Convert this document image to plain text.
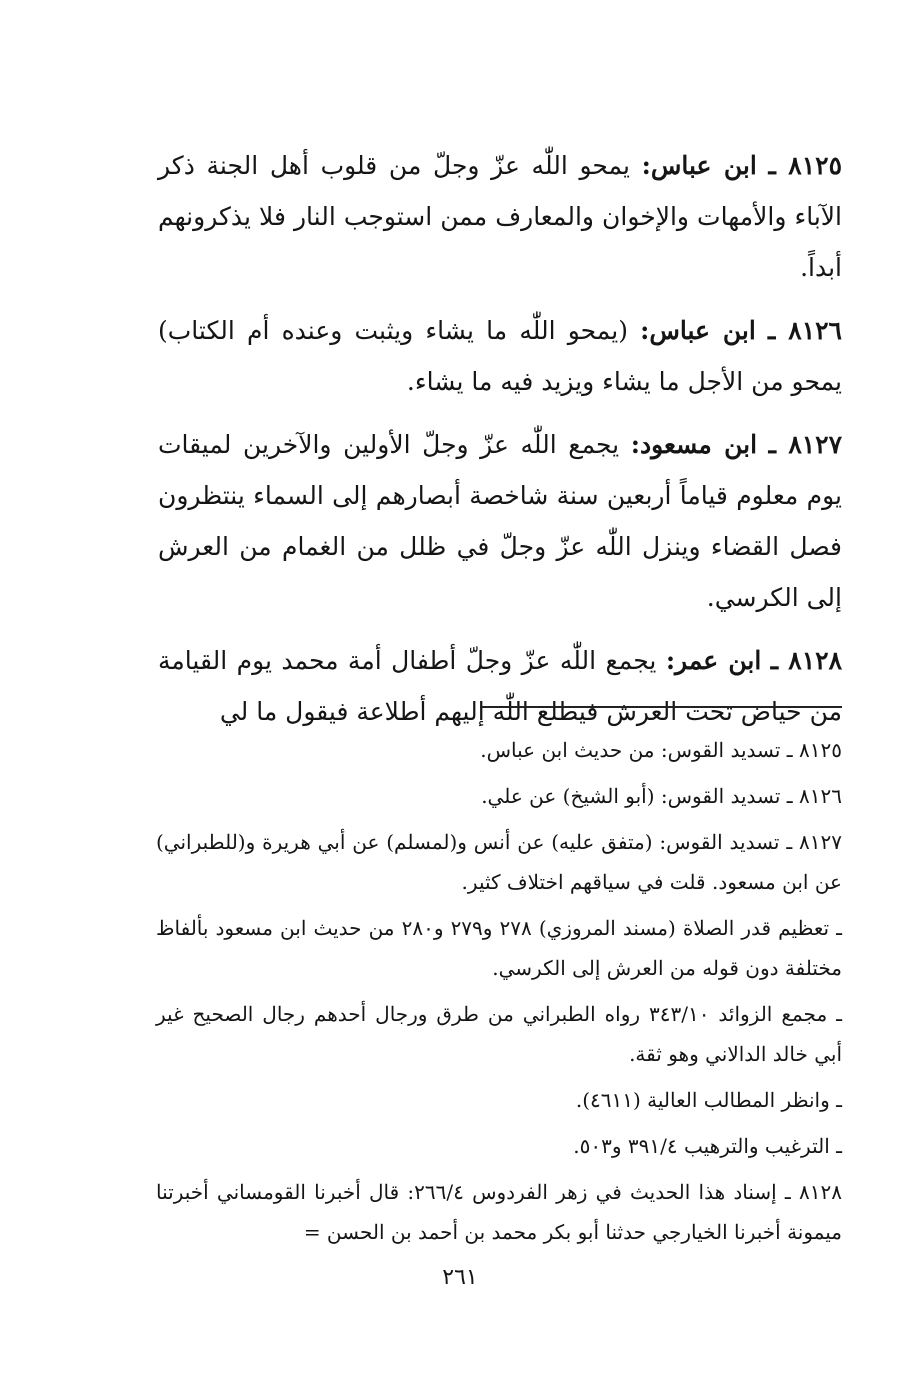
٨١٢٥ ـ ابن عباس: يمحو اللّٰه عزّ وجلّ من قلوب أهل الجنة ذكر الآباء والأمهات والإخوان والمعارف ممن استوجب النار فلا يذكرونهم أبداً.

٨١٢٦ ـ ابن عباس: (يمحو اللّٰه ما يشاء ويثبت وعنده أم الكتاب) يمحو من الأجل ما يشاء ويزيد فيه ما يشاء.

٨١٢٧ ـ ابن مسعود: يجمع اللّٰه عزّ وجلّ الأولين والآخرين لميقات يوم معلوم قياماً أربعين سنة شاخصة أبصارهم إلى السماء ينتظرون فصل القضاء وينزل اللّٰه عزّ وجلّ في ظلل من الغمام من العرش إلى الكرسي.

٨١٢٨ ـ ابن عمر: يجمع اللّٰه عزّ وجلّ أطفال أمة محمد يوم القيامة من حياض تحت العرش فيطلع اللّٰه إليهم أطلاعة فيقول ما لي

٨١٢٥ ـ تسديد القوس: من حديث ابن عباس.

٨١٢٦ ـ تسديد القوس: (أبو الشيخ) عن علي.

٨١٢٧ ـ تسديد القوس: (متفق عليه) عن أنس و(لمسلم) عن أبي هريرة و(للطبراني) عن ابن مسعود. قلت في سياقهم اختلاف كثير.

ـ تعظيم قدر الصلاة (مسند المروزي) ٢٧٨ و٢٧٩ و٢٨٠ من حديث ابن مسعود بألفاظ مختلفة دون قوله من العرش إلى الكرسي.

ـ مجمع الزوائد ٣٤٣/١٠ رواه الطبراني من طرق ورجال أحدهم رجال الصحيح غير أبي خالد الدالاني وهو ثقة.

ـ وانظر المطالب العالية (٤٦١١).

ـ الترغيب والترهيب ٣٩١/٤ و٥٠٣.

٨١٢٨ ـ إسناد هذا الحديث في زهر الفردوس ٢٦٦/٤: قال أخبرنا القومساني أخبرتنا ميمونة أخبرنا الخيارجي حدثنا أبو بكر محمد بن أحمد بن الحسن =

٢٦١
